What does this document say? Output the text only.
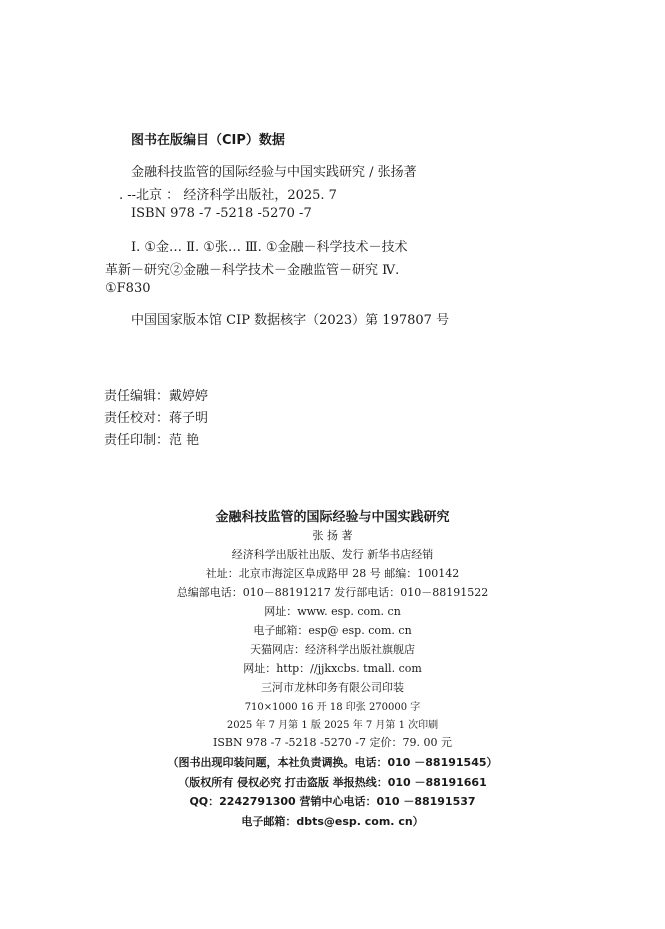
图书在版编目（CIP）数据
金融科技监管的国际经验与中国实践研究 / 张扬著
. --北京 ： 经济科学出版社，2025. 7
ISBN 978 -7 -5218 -5270 -7
Ⅰ. ①金… Ⅱ. ①张… Ⅲ. ①金融－科学技术－技术
革新－研究②金融－科学技术－金融监管－研究 Ⅳ.
①F830
中国国家版本馆 CIP 数据核字（2023）第 197807 号
责任编辑：戴婷婷
责任校对：蒋子明
责任印制：范 艳
金融科技监管的国际经验与中国实践研究
张 扬 著
经济科学出版社出版、发行 新华书店经销
社址：北京市海淀区阜成路甲 28 号 邮编：100142
总编部电话：010－88191217 发行部电话：010－88191522
网址：www. esp. com. cn
电子邮箱：esp@ esp. com. cn
天猫网店：经济科学出版社旗舰店
网址：http：//jjkxcbs. tmall. com
三河市龙林印务有限公司印装
710×1000 16 开 18 印张 270000 字
2025 年 7 月第 1 版 2025 年 7 月第 1 次印刷
ISBN 978 -7 -5218 -5270 -7 定价：79. 00 元
（图书出现印装问题，本社负责调换。电话：010 －88191545）
（版权所有 侵权必究 打击盗版 举报热线：010 －88191661
QQ：2242791300 营销中心电话：010 －88191537
电子邮箱：dbts@esp. com. cn）
